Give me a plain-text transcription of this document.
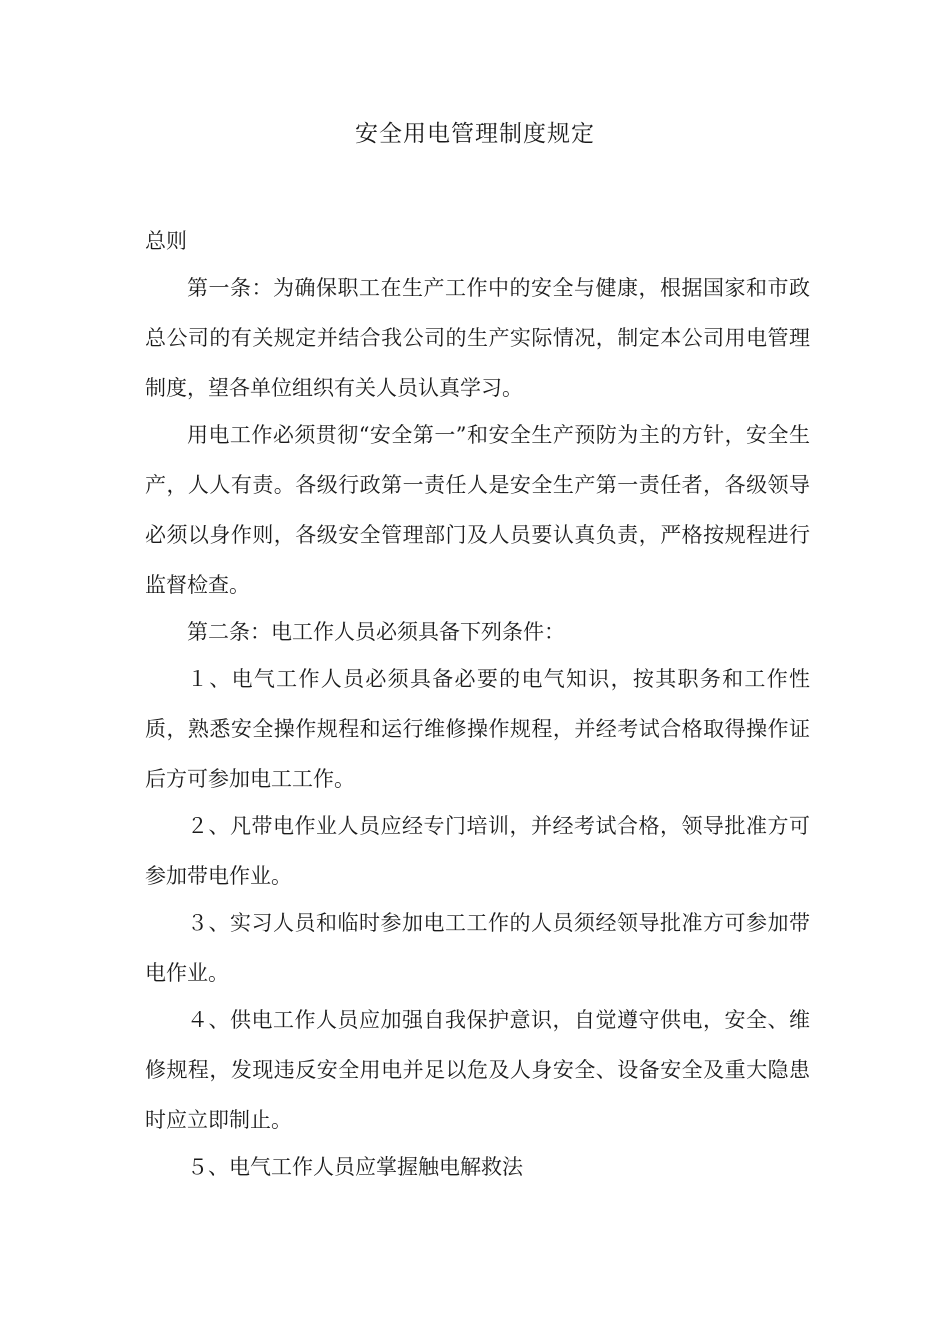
安全用电管理制度规定

总则

第一条：为确保职工在生产工作中的安全与健康，根据国家和市政总公司的有关规定并结合我公司的生产实际情况，制定本公司用电管理制度，望各单位组织有关人员认真学习。

用电工作必须贯彻“安全第一”和安全生产预防为主的方针，安全生产，人人有责。各级行政第一责任人是安全生产第一责任者，各级领导必须以身作则，各级安全管理部门及人员要认真负责，严格按规程进行监督检查。

第二条：电工作人员必须具备下列条件：

１、电气工作人员必须具备必要的电气知识，按其职务和工作性质，熟悉安全操作规程和运行维修操作规程，并经考试合格取得操作证后方可参加电工工作。

２、凡带电作业人员应经专门培训，并经考试合格，领导批准方可参加带电作业。

３、实习人员和临时参加电工工作的人员须经领导批准方可参加带电作业。

４、供电工作人员应加强自我保护意识，自觉遵守供电，安全、维修规程，发现违反安全用电并足以危及人身安全、设备安全及重大隐患时应立即制止。

５、电气工作人员应掌握触电解救法
